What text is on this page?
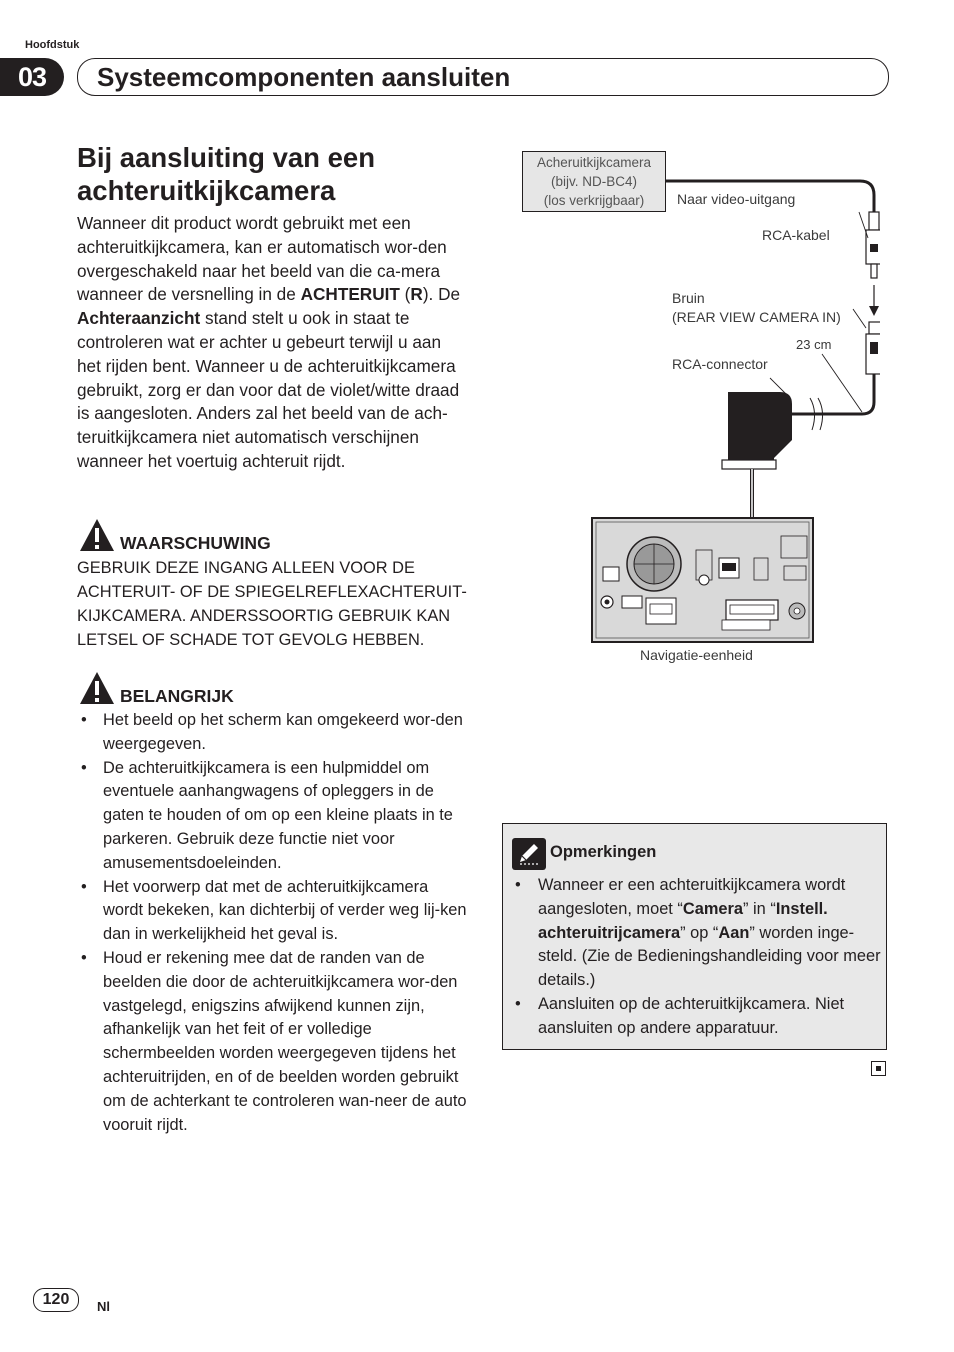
Hoofdstuk
03	Systeemcomponenten aansluiten
Bij aansluiting van een achteruitkijkcamera
Wanneer dit product wordt gebruikt met een achteruitkijkcamera, kan er automatisch wor-den overgeschakeld naar het beeld van die ca-mera wanneer de versnelling in de ACHTERUIT (R). De Achteraanzicht stand stelt u ook in staat te controleren wat er achter u gebeurt terwijl u aan het rijden bent. Wanneer u de achteruitkijkcamera gebruikt, zorg er dan voor dat de violet/witte draad is aangesloten. Anders zal het beeld van de ach-teruitkijkcamera niet automatisch verschijnen wanneer het voertuig achteruit rijdt.
WAARSCHUWING
GEBRUIK DEZE INGANG ALLEEN VOOR DE ACHTERUIT- OF DE SPIEGELREFLEXACHTERUIT-KIJKCAMERA. ANDERSSOORTIG GEBRUIK KAN LETSEL OF SCHADE TOT GEVOLG HEBBEN.
BELANGRIJK
• Het beeld op het scherm kan omgekeerd wor-den weergegeven.
• De achteruitkijkcamera is een hulpmiddel om eventuele aanhangwagens of opleggers in de gaten te houden of om op een kleine plaats in te parkeren. Gebruik deze functie niet voor amusementsdoeleinden.
• Het voorwerp dat met de achteruitkijkcamera wordt bekeken, kan dichterbij of verder weg lij-ken dan in werkelijkheid het geval is.
• Houd er rekening mee dat de randen van de beelden die door de achteruitkijkcamera wor-den vastgelegd, enigszins afwijkend kunnen zijn, afhankelijk van het feit of er volledige schermbeelden worden weergegeven tijdens het achteruitrijden, en of de beelden worden gebruikt om de achterkant te controleren wan-neer de auto vooruit rijdt.
Acheruitkijkcamera
(bijv. ND-BC4)
(los verkrijgbaar)	Naar video-uitgang
RCA-kabel
Bruin
(REAR VIEW CAMERA IN)
23 cm
RCA-connector
Navigatie-eenheid
Opmerkingen
• Wanneer er een achteruitkijkcamera wordt aangesloten, moet “Camera” in “Instell. achteruitrijcamera” op “Aan” worden inge-steld. (Zie de Bedieningshandleiding voor meer details.)
• Aansluiten op de achteruitkijkcamera. Niet aansluiten op andere apparatuur.
120	Nl
